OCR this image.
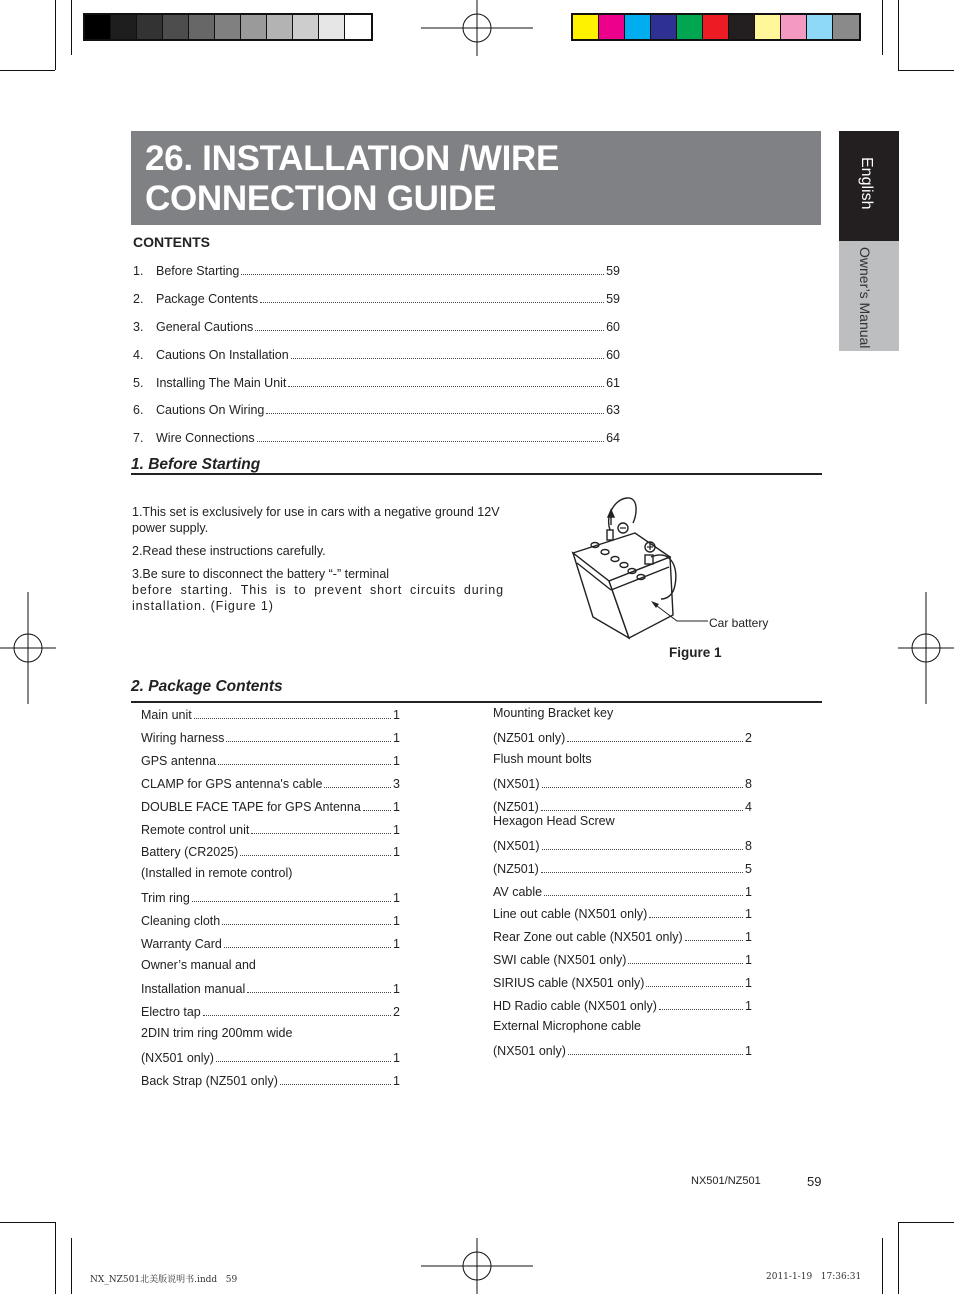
26. INSTALLATION /WIRE
CONNECTION GUIDE	English
Owner’s Manual
CONTENTS
1.	Before Starting	59
2.	Package Contents	59
3.	General Cautions	60
4.	Cautions On Installation	60
5.	Installing The Main Unit	61
6.	Cautions On Wiring	63
7.	Wire Connections	64
1. Before Starting
1.This set is exclusively for use in cars with a negative ground 12V power supply.
2.Read these instructions carefully.
3.Be sure to disconnect the battery “-” terminal
before starting. This is to prevent short circuits during installation. (Figure 1)
Car battery
Figure 1
2. Package Contents
Main unit	1
Wiring harness	1
GPS antenna	1
CLAMP for GPS antenna's cable	3
DOUBLE FACE TAPE for GPS Antenna	1
Remote control unit	1
Battery (CR2025)	1
(Installed in remote control)
Trim ring	1
Cleaning cloth	1
Warranty Card	1
Owner’s manual and
Installation manual	1
Electro tap	2
2DIN trim ring 200mm wide
(NX501 only)	1
Back Strap (NZ501 only)	1
Mounting Bracket key
(NZ501 only)	2
Flush mount bolts
(NX501)	8
(NZ501)	4
Hexagon Head Screw
(NX501)	8
(NZ501)	5
AV cable	1
Line out cable (NX501 only)	1
Rear Zone out cable (NX501 only)	1
SWI cable (NX501 only)	1
SIRIUS cable (NX501 only)	1
HD Radio cable (NX501 only)	1
External Microphone cable
(NX501 only)	1
NX501/NZ501	59
NX_NZ501北美版说明书.indd   59	2011-1-19   17:36:31
